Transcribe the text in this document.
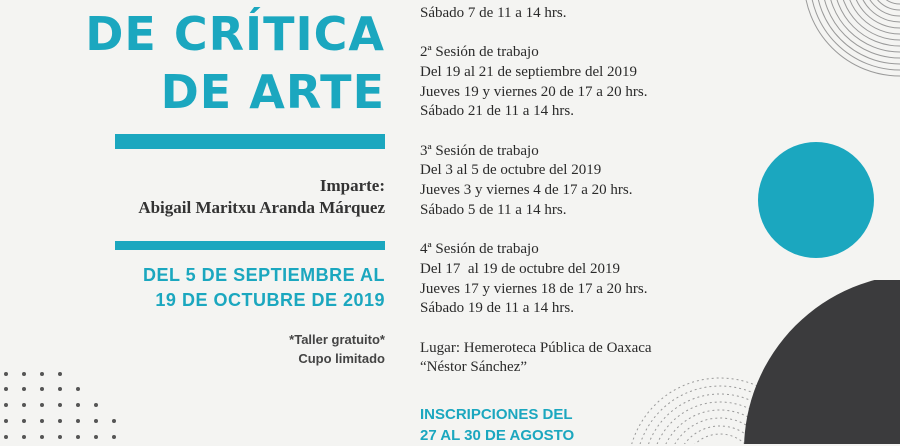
DE CRÍTICA
DE ARTE
Imparte:
Abigail Maritxu Aranda Márquez
DEL 5 DE SEPTIEMBRE AL
19 DE OCTUBRE DE 2019
*Taller gratuito*
Cupo limitado
Sábado 7 de 11 a 14 hrs.
2ª Sesión de trabajo
Del 19 al 21 de septiembre del 2019
Jueves 19 y viernes 20 de 17 a 20 hrs.
Sábado 21 de 11 a 14 hrs.
3ª Sesión de trabajo
Del 3 al 5 de octubre del 2019
Jueves 3 y viernes 4 de 17 a 20 hrs.
Sábado 5 de 11 a 14 hrs.
4ª Sesión de trabajo
Del 17  al 19 de octubre del 2019
Jueves 17 y viernes 18 de 17 a 20 hrs.
Sábado 19 de 11 a 14 hrs.
Lugar: Hemeroteca Pública de Oaxaca
“Néstor Sánchez”
INSCRIPCIONES DEL
27 AL 30 DE AGOSTO
